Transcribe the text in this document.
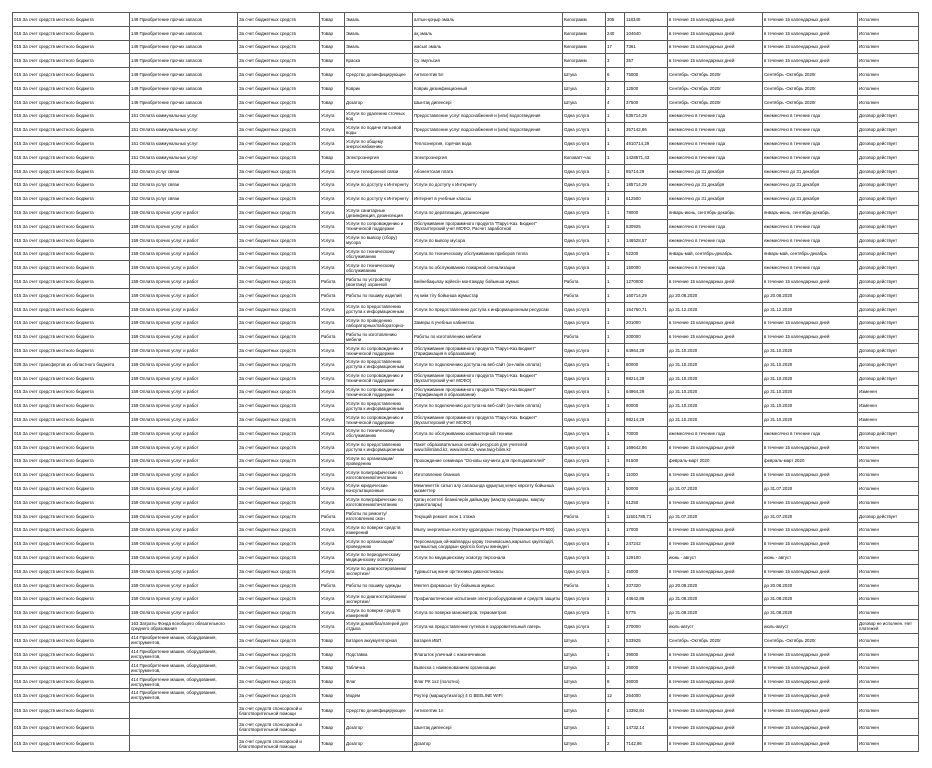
015 За счет средств местного бюджета	149 Приобретение прочих запасов	За счет бюджетных средств	Товар	Эмаль	алтын-қоңыр эмаль	Килограмм	305	118340	в течение 15 календарных дней	в течение 15 календарных дней	Исполнен
015 За счет средств местного бюджета	149 Приобретение прочих запасов	За счет бюджетных средств	Товар	Эмаль	ақ эмаль	Килограмм	240	104640	в течение 15 календарных дней	в течение 15 календарных дней	Исполнен
015 За счет средств местного бюджета	149 Приобретение прочих запасов	За счет бюджетных средств	Товар	Эмаль	жасыл эмаль	Килограмм	17	7361	в течение 15 календарных дней	в течение 15 календарных дней	Исполнен
015 За счет средств местного бюджета	149 Приобретение прочих запасов	За счет бюджетных средств	Товар	Краска	Су эмульсия	Килограмм	3	357	в течение 15 календарных дней	в течение 15 календарных дней	Исполнен
015 За счет средств местного бюджета	149 Приобретение прочих запасов	За счет бюджетных средств	Товар	Средство дезинфицирующее	Антисептик 5л	Штука	6	75000	Сентябрь -Октябрь 2020г	Сентябрь -Октябрь 2020г	Исполнен
015 За счет средств местного бюджета	149 Приобретение прочих запасов	За счет бюджетных средств	Товар	Коврик	Коврик дезинфекционный	Штука	2	12500	Сентябрь -Октябрь 2020г	Сентябрь -Октябрь 2020г	Исполнен
015 За счет средств местного бюджета	149 Приобретение прочих запасов	За счет бюджетных средств	Товар	Дозатор	Шынтақ дипенсері	Штука	4	37500	Сентябрь -Октябрь 2020г	Сентябрь -Октябрь 2020г	Исполнен
015 За счет средств местного бюджета	151 Оплата коммунальных услуг	За счет бюджетных средств	Услуга	Услуги по удалению сточных вод	Предоставление услуг водоснабжения и (или) водоотведения	Одна услуга	1	535714,29	ежемесячно в течение года	ежемесячно в течение года	Договор действует
015 За счет средств местного бюджета	151 Оплата коммунальных услуг	За счет бюджетных средств	Услуга	Услуги по подаче питьевой воды	Предоставление услуг водоснабжения и (или) водоотведения	Одна услуга	1	357142,86	ежемесячно в течение года	ежемесячно в течение года	Договор действует
015 За счет средств местного бюджета	151 Оплата коммунальных услуг	За счет бюджетных средств	Услуга	Услуги по общему энергоснабжению	Теплоэнергия, горячая вода	Одна услуга	1	4910714,29	ежемесячно в течение года	ежемесячно в течение года	Договор действует
015 За счет средств местного бюджета	151 Оплата коммунальных услуг	За счет бюджетных средств	Товар	Электроэнергия	Электроэнергия	Киловатт-час	1	1428571,43	ежемесячно в течение года	ежемесячно в течение года	Договор действует
015 За счет средств местного бюджета	152 Оплата услуг связи	За счет бюджетных средств	Услуга	Услуги телефонной связи	Абонентская плата	Одна услуга	1	85714,29	ежемесячно до 31 декабря	ежемесячно до 31 декабря	Договор действует
015 За счет средств местного бюджета	152 Оплата услуг связи	За счет бюджетных средств	Услуга	Услуги по доступу к Интернету	Услуги по доступу к Интернету	Одна услуга	1	185714,29	ежемесячно до 31 декабря	ежемесячно до 31 декабря	Договор действует
015 За счет средств местного бюджета	152 Оплата услуг связи	За счет бюджетных средств	Услуга	Услуги по доступу к Интернету	Интернет в учебные классы	Одна услуга	1	612500	ежемесячно до 31 декабря	ежемесячно до 31 декабря	Договор действует
015 За счет средств местного бюджета	159 Оплата прочих услуг и работ	За счет бюджетных средств	Услуга	Услуги санитарные (дезинфекция, дезинсекция	Услуга по дератизации, дезинсекции	Одна услуга	1	78000	январь-июнь, сентябрь-декабрь	январь-июнь, сентябрь-декабрь	Договор действует
015 За счет средств местного бюджета	159 Оплата прочих услуг и работ	За счет бюджетных средств	Услуга	Услуги по сопровождению и технической поддержке	Обслуживание программного продукта "Парус-Каз. Бюджет" (Бухгалтерский учет МСФО, Расчет заработной	Одна услуга	1	530925	ежемесячно в течение года	ежемесячно в течение года	Договор действует
015 За счет средств местного бюджета	159 Оплата прочих услуг и работ	За счет бюджетных средств	Услуга	Услуги по вывозу (сбору) мусора	Услуги по вывозу мусора	Одна услуга	1	146528,57	ежемесячно в течение года	ежемесячно в течение года	Договор действует
015 За счет средств местного бюджета	159 Оплата прочих услуг и работ	За счет бюджетных средств	Услуга	Услуги по техническому обслуживанию	Услуга по техническому обслуживанию приборов тепла	Одна услуга	1	52200	январь-май, сентябрь-декабрь	январь-май, сентябрь-декабрь	Договор действует
015 За счет средств местного бюджета	159 Оплата прочих услуг и работ	За счет бюджетных средств	Услуга	Услуги по техническому обслуживанию	Услуга по обслуживанию пожарной сигнализации	Одна услуга	1	150000	ежемесячно в течение года	ежемесячно в течение года	Договор действует
015 За счет средств местного бюджета	159 Оплата прочих услуг и работ	За счет бюджетных средств	Работа	Работы по устройству (монтажу) охранной	Бейнебақылау жүйесін монтаждау бойынша жұмыс	Работа	1	1270000	в течение 15 календарных дней	в течение 15 календарных дней	Договор действует
015 За счет средств местного бюджета	159 Оплата прочих услуг и работ	За счет бюджетных средств	Работа	Работы по пошиву изделий	Ақ киім тігу бойынша жұмыстар	Работа	1	160714,29	до 20.08.2020	до 20.08.2020	Договор действует
015 За счет средств местного бюджета	159 Оплата прочих услуг и работ	За счет бюджетных средств	Услуга	Услуги по предоставлению доступа к информационным	Услуги по предоставлению доступа к информационным ресурсам	Одна услуга	1	154760,71	до 31.12.2020	до 31.12.2020	Договор действует
015 За счет средств местного бюджета	159 Оплата прочих услуг и работ	За счет бюджетных средств	Услуга	Услуги по проведению лабораторных/лабораторно-	Замеры в учебных кабинетах	Одна услуга	1	201000	в течение 15 календарных дней	в течение 15 календарных дней	Договор действует
015 За счет средств местного бюджета	159 Оплата прочих услуг и работ	За счет бюджетных средств	Работа	Работы по изготовлению мебели	Работы по изготовлению мебели	Работа	1	200000	в течение 15 календарных дней	в течение 15 календарных дней	Договор действует
015 За счет средств местного бюджета	159 Оплата прочих услуг и работ	За счет бюджетных средств	Услуга	Услуги по сопровождению и технической поддержке	Обслуживание программного продукта "Парус-Каз.Бюджет" (Тарификация в образовании)	Одна услуга	1	64964,29	до 31.10.2020	до 31.10.2020	Договор действует
028 За счет трансфертов из областного бюджета	159 Оплата прочих услуг и работ	За счет бюджетных средств	Услуга	Услуги по предоставлению доступа к информационным	Услуги по подключению доступа на веб-сайт (он-лайн оплата)	Одна услуга	1	80000	до 31.10.2020	до 31.10.2020	Договор действует
015 За счет средств местного бюджета	159 Оплата прочих услуг и работ	За счет бюджетных средств	Услуга	Услуги по сопровождению и технической поддержке	Обслуживание программного продукта "Парус-Каз. Бюджет" (Бухгалтерский учет МСФО)	Одна услуга	1	98214,29	до 31.10.2020	до 31.10.2020	Договор действует
015 За счет средств местного бюджета	159 Оплата прочих услуг и работ	За счет бюджетных средств	Услуга	Услуги по сопровождению и технической поддержке	Обслуживание программного продукта "Парус-Каз.Бюджет" (Тарификация в образовании)	Одна услуга	1	64964,29	до 31.10.2020	до 31.10.2020	Изменен
015 За счет средств местного бюджета	159 Оплата прочих услуг и работ	За счет бюджетных средств	Услуга	Услуги по предоставлению доступа к информационным	Услуги по подключению доступа на веб-сайт (он-лайн оплата)	Одна услуга	1	80000	до 31.10.2020	до 31.10.2020	Изменен
015 За счет средств местного бюджета	159 Оплата прочих услуг и работ	За счет бюджетных средств	Услуга	Услуги по сопровождению и технической поддержке	Обслуживание программного продукта "Парус-Каз. Бюджет" (Бухгалтерский учет МСФО)	Одна услуга	1	98214,29	до 31.10.2020	до 31.10.2020	Изменен
015 За счет средств местного бюджета	159 Оплата прочих услуг и работ	За счет бюджетных средств	Услуга	Услуги по техническому обслуживанию	Услуга по обслуживанию компьютерной техники	Одна услуга	1	70000	ежемесячно в течение года	ежемесячно в течение года	Договор действует
015 За счет средств местного бюджета	159 Оплата прочих услуг и работ	За счет бюджетных средств	Услуга	Услуги по предоставлению доступа к информационным	Пакет образовательных онлайн ресурсов для учителей www.bilimland.kz, www.itest.kz, www.twig-bilim.kz	Одна услуга	1	169642,86	в течение 15 календарных дней	в течение 15 календарных дней	Исполнен
015 За счет средств местного бюджета	159 Оплата прочих услуг и работ	За счет бюджетных средств	Услуга	Услуги по организации/проведению	Прохождение семинара "Основы коучинга для преподавателей"	Одна услуга	1	91500	февраль-март 2020	февраль-март 2020	Исполнен
015 За счет средств местного бюджета	159 Оплата прочих услуг и работ	За счет бюджетных средств	Услуга	Услуги полиграфические по изготовлению/печатанию	Изготовление бланков	Одна услуга	1	11000	в течение 15 календарных дней	в течение 15 календарных дней	Исполнен
015 За счет средств местного бюджета	159 Оплата прочих услуг и работ	За счет бюджетных средств	Услуга	Услуги юридические консультационные	Мемлекеттік сатып алу саласында құқықтық кеңес көрсету бойынша қызметтер	Одна услуга	1	50000	до 31.07.2020	до 31.07.2020	Исполнен
015 За счет средств местного бюджета	159 Оплата прочих услуг и работ	За счет бюджетных средств	Услуга	Услуги полиграфические по изготовлению/печатанию	Қатаң есептегі бланкілерін дайындау (мақтау қағаздары, мақтау грамоталары)	Одна услуга	1	61250	в течение 15 календарных дней	в течение 15 календарных дней	Исполнен
015 За счет средств местного бюджета	159 Оплата прочих услуг и работ	За счет бюджетных средств	Работа	Работы по ремонту/изготовлению окон	Текущий ремонт окон 1 этажа	Работа	1	11501785,71	до 31.07.2020	до 31.07.2020	Договор действует
015 За счет средств местного бюджета	159 Оплата прочих услуг и работ	За счет бюджетных средств	Услуга	Услуги по поверке средств измерений	Мылу энергиясын есептеу құралдарын тексеру (Термометры Pt-500)	Одна услуга	1	17000	в течение 15 календарных дней	в течение 15 календарных дней	Исполнен
015 За счет средств местного бюджета	159 Оплата прочих услуг и работ	За счет бюджетных средств	Услуга	Услуги по организации/проведению	Персоналдың ой-жайларды қорау техникасына,жарылыс қауіпсіздігі, қылмыстық салдарын қауіпсіз болуы жөніндегі	Одна услуга	1	247242	в течение 15 календарных дней	в течение 15 календарных дней	Исполнен
015 За счет средств местного бюджета	159 Оплата прочих услуг и работ	За счет бюджетных средств	Услуга	Услуги по периодическому медицинскому осмотру	Услуги по медицинскому осмотру персонала	Одна услуга	1	129100	июнь - август	июнь - август	Исполнен
015 За счет средств местного бюджета	159 Оплата прочих услуг и работ	За счет бюджетных средств	Услуга	Услуги по диагностированию/экспертизе/	Тұрмыстық және оргтехника диагностикасы	Одна услуга	1	45000	в течение 15 календарных дней	в течение 15 календарных дней	Исполнен
015 За счет средств местного бюджета	159 Оплата прочих услуг и работ	За счет бюджетных средств	Работа	Работы по пошиву одежды	Мектеп формасын тігу бойынша жұмыс	Работа	1	337320	до 20.08.2020	до 20.08.2020	Исполнен
015 За счет средств местного бюджета	159 Оплата прочих услуг и работ	За счет бюджетных средств	Услуга	Услуги по диагностированию/экспертизе/	Профилактические испытания электрооборудования и средств защиты	Одна услуга	1	44642,86	до 31.08.2020	до 31.08.2020	Исполнен
015 За счет средств местного бюджета	159 Оплата прочих услуг и работ	За счет бюджетных средств	Услуга	Услуги по поверке средств измерений	Услуга по поверке манометров, термометров	Одна услуга	1	5775	до 31.08.2020	до 31.08.2020	Исполнен
015 За счет средств местного бюджета	163 Затраты Фонда всеобщего обязательного среднего образования	За счет бюджетных средств	Услуга	Услуги домов/баз/лагерей для отдыха	Услуга на предоставление путевок в оздоровительный лагерь	Одна услуга	1	270000	июль-август	июль-август	Договор не исполнен. Нет платежей
015 За счет средств местного бюджета	414 Приобретение машин, оборудования, инструментов,	За счет бюджетных средств	Товар	Батарея аккумуляторная	Батарея ИБП	Штука	1	533925	Сентябрь -Октябрь 2020г	Сентябрь -Октябрь 2020г	Исполнен
015 За счет средств местного бюджета	414 Приобретение машин, оборудования, инструментов,	За счет бюджетных средств	Товар	Подставка	Флагшток уличный с наконечником	Штука	1	39000	в течение 15 календарных дней	в течение 15 календарных дней	Исполнен
015 За счет средств местного бюджета	414 Приобретение машин, оборудования, инструментов,	За счет бюджетных средств	Товар	Табличка	Вывеска с наименованием организации	Штука	1	25000	в течение 15 календарных дней	в течение 15 календарных дней	Исполнен
015 За счет средств местного бюджета	414 Приобретение машин, оборудования, инструментов,	За счет бюджетных средств	Товар	Флаг	Флаг РК 1х2 (полотно)	Штука	8	36000	в течение 15 календарных дней	в течение 15 календарных дней	Исполнен
015 За счет средств местного бюджета	414 Приобретение машин, оборудования, инструментов,	За счет бюджетных средств	Товар	Модем	Роутер (маршрутизатор) 4 G BEELINE WIFI	Штука	12	264000	в течение 15 календарных дней	в течение 15 календарных дней	Исполнен
015 За счет средств местного бюджета		За счет средств спонсорской и благотворительной помощи	Товар	Средство дезинфицирующее	Антисептик 1л	Штука	4	13392,84	в течение 15 календарных дней	в течение 15 календарных дней	Исполнен
015 За счет средств местного бюджета		За счет средств спонсорской и благотворительной помощи	Товар	Дозатор	Шынтақ дипенсері	Штука	1	14732,14	в течение 15 календарных дней	в течение 15 календарных дней	Исполнен
015 За счет средств местного бюджета		За счет средств спонсорской и благотворительной помощи	Товар	Дозатор	Дозатор	Штука	2	7142,86	в течение 15 календарных дней	в течение 15 календарных дней	Исполнен
